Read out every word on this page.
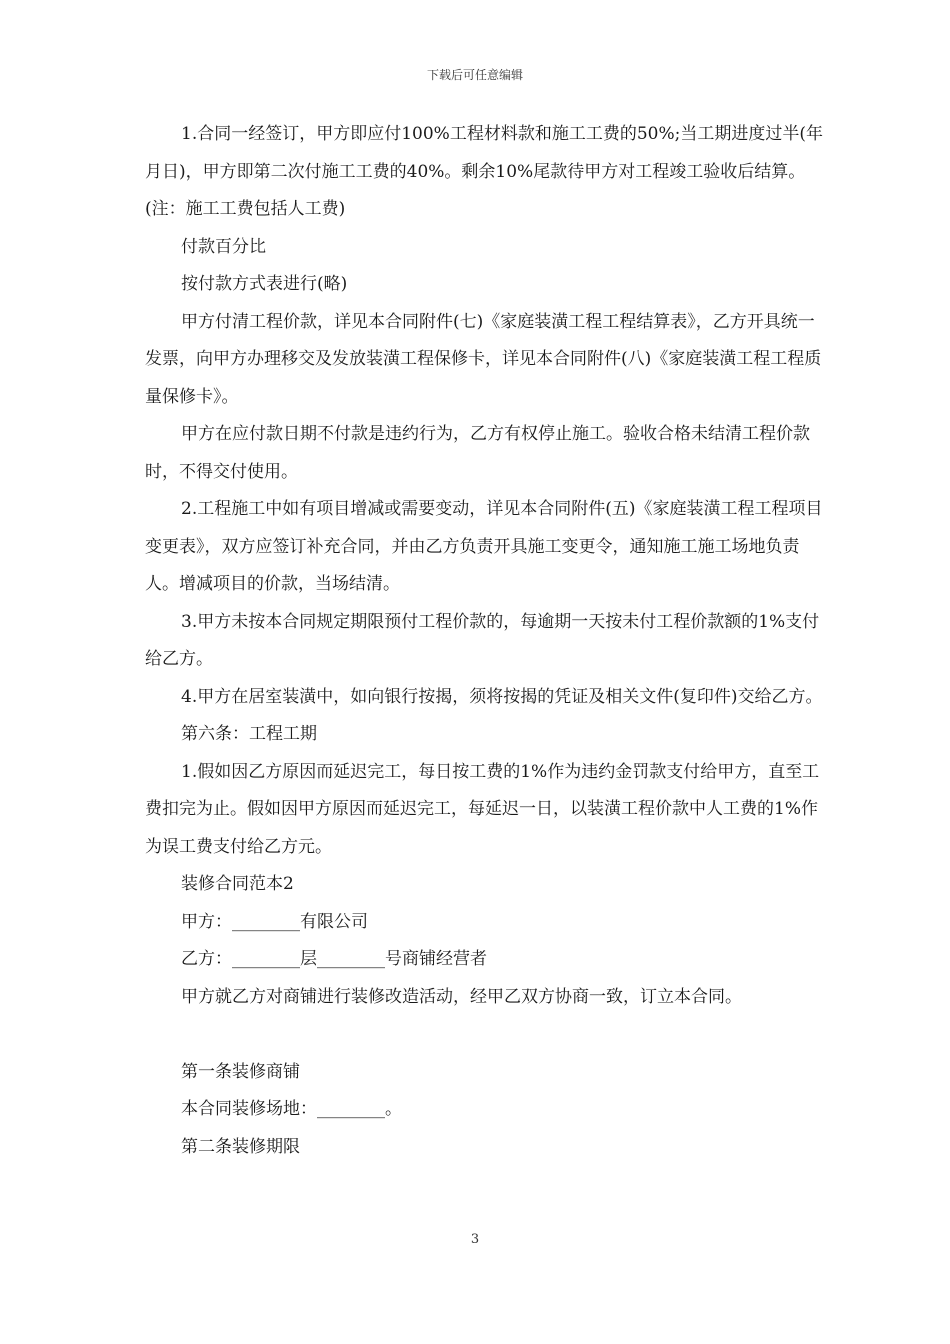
下载后可任意编辑

1.合同一经签订，甲方即应付100%工程材料款和施工工费的50%;当工期进度过半(年月日)，甲方即第二次付施工工费的40%。剩余10%尾款待甲方对工程竣工验收后结算。(注：施工工费包括人工费)

付款百分比

按付款方式表进行(略)

甲方付清工程价款，详见本合同附件(七)《家庭装潢工程工程结算表》，乙方开具统一发票，向甲方办理移交及发放装潢工程保修卡，详见本合同附件(八)《家庭装潢工程工程质量保修卡》。

甲方在应付款日期不付款是违约行为，乙方有权停止施工。验收合格未结清工程价款时，不得交付使用。

2.工程施工中如有项目增减或需要变动，详见本合同附件(五)《家庭装潢工程工程项目变更表》，双方应签订补充合同，并由乙方负责开具施工变更令，通知施工施工场地负责人。增减项目的价款，当场结清。

3.甲方未按本合同规定期限预付工程价款的，每逾期一天按未付工程价款额的1%支付给乙方。

4.甲方在居室装潢中，如向银行按揭，须将按揭的凭证及相关文件(复印件)交给乙方。

第六条：工程工期

1.假如因乙方原因而延迟完工，每日按工费的1%作为违约金罚款支付给甲方，直至工费扣完为止。假如因甲方原因而延迟完工，每延迟一日，以装潢工程价款中人工费的1%作为误工费支付给乙方元。

装修合同范本2

甲方：________有限公司

乙方：________层________号商铺经营者

甲方就乙方对商铺进行装修改造活动，经甲乙双方协商一致，订立本合同。

第一条装修商铺

本合同装修场地：________。

第二条装修期限

3
